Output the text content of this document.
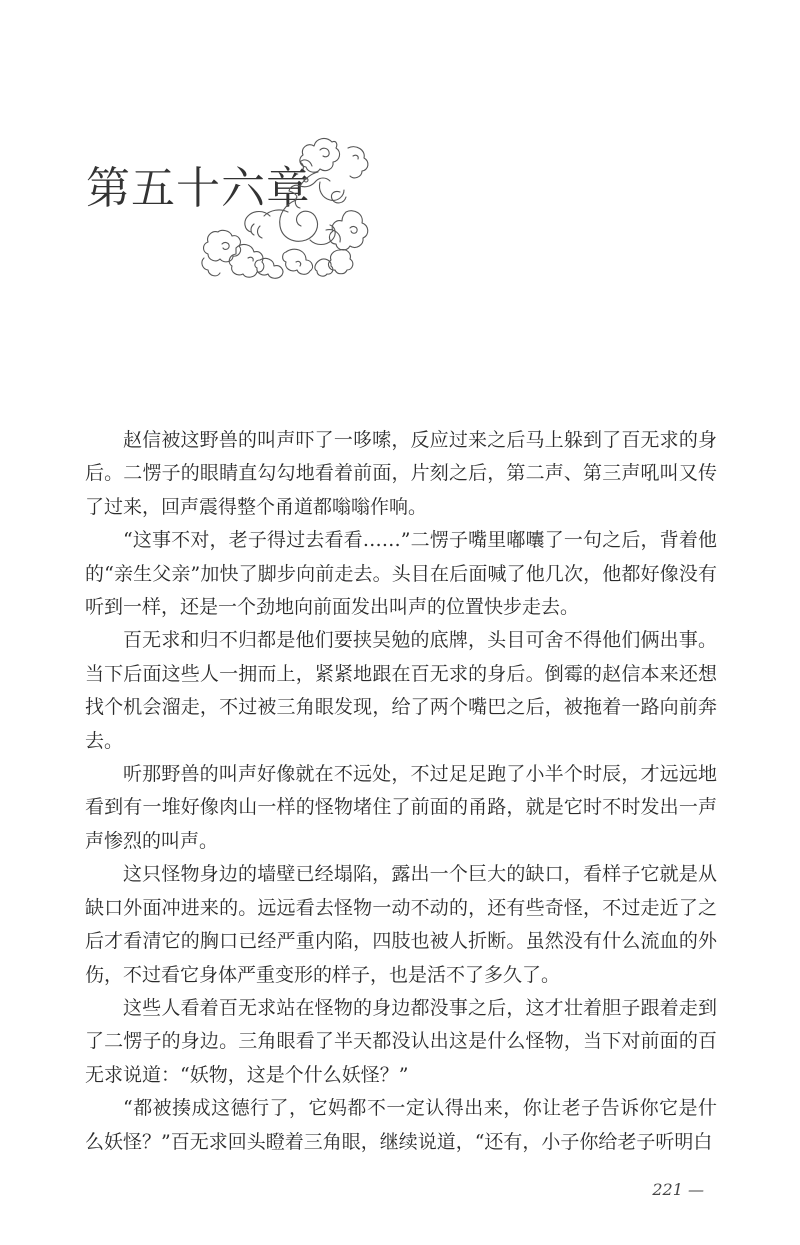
第五十六章

赵信被这野兽的叫声吓了一哆嗦，反应过来之后马上躲到了百无求的身后。二愣子的眼睛直勾勾地看着前面，片刻之后，第二声、第三声吼叫又传了过来，回声震得整个甬道都嗡嗡作响。

“这事不对，老子得过去看看……”二愣子嘴里嘟囔了一句之后，背着他的“亲生父亲”加快了脚步向前走去。头目在后面喊了他几次，他都好像没有听到一样，还是一个劲地向前面发出叫声的位置快步走去。

百无求和归不归都是他们要挟吴勉的底牌，头目可舍不得他们俩出事。当下后面这些人一拥而上，紧紧地跟在百无求的身后。倒霉的赵信本来还想找个机会溜走，不过被三角眼发现，给了两个嘴巴之后，被拖着一路向前奔去。

听那野兽的叫声好像就在不远处，不过足足跑了小半个时辰，才远远地看到有一堆好像肉山一样的怪物堵住了前面的甬路，就是它时不时发出一声声惨烈的叫声。

这只怪物身边的墙壁已经塌陷，露出一个巨大的缺口，看样子它就是从缺口外面冲进来的。远远看去怪物一动不动的，还有些奇怪，不过走近了之后才看清它的胸口已经严重内陷，四肢也被人折断。虽然没有什么流血的外伤，不过看它身体严重变形的样子，也是活不了多久了。

这些人看着百无求站在怪物的身边都没事之后，这才壮着胆子跟着走到了二愣子的身边。三角眼看了半天都没认出这是什么怪物，当下对前面的百无求说道：“妖物，这是个什么妖怪？”

“都被揍成这德行了，它妈都不一定认得出来，你让老子告诉你它是什么妖怪？”百无求回头瞪着三角眼，继续说道，“还有，小子你给老子听明白

221 —
